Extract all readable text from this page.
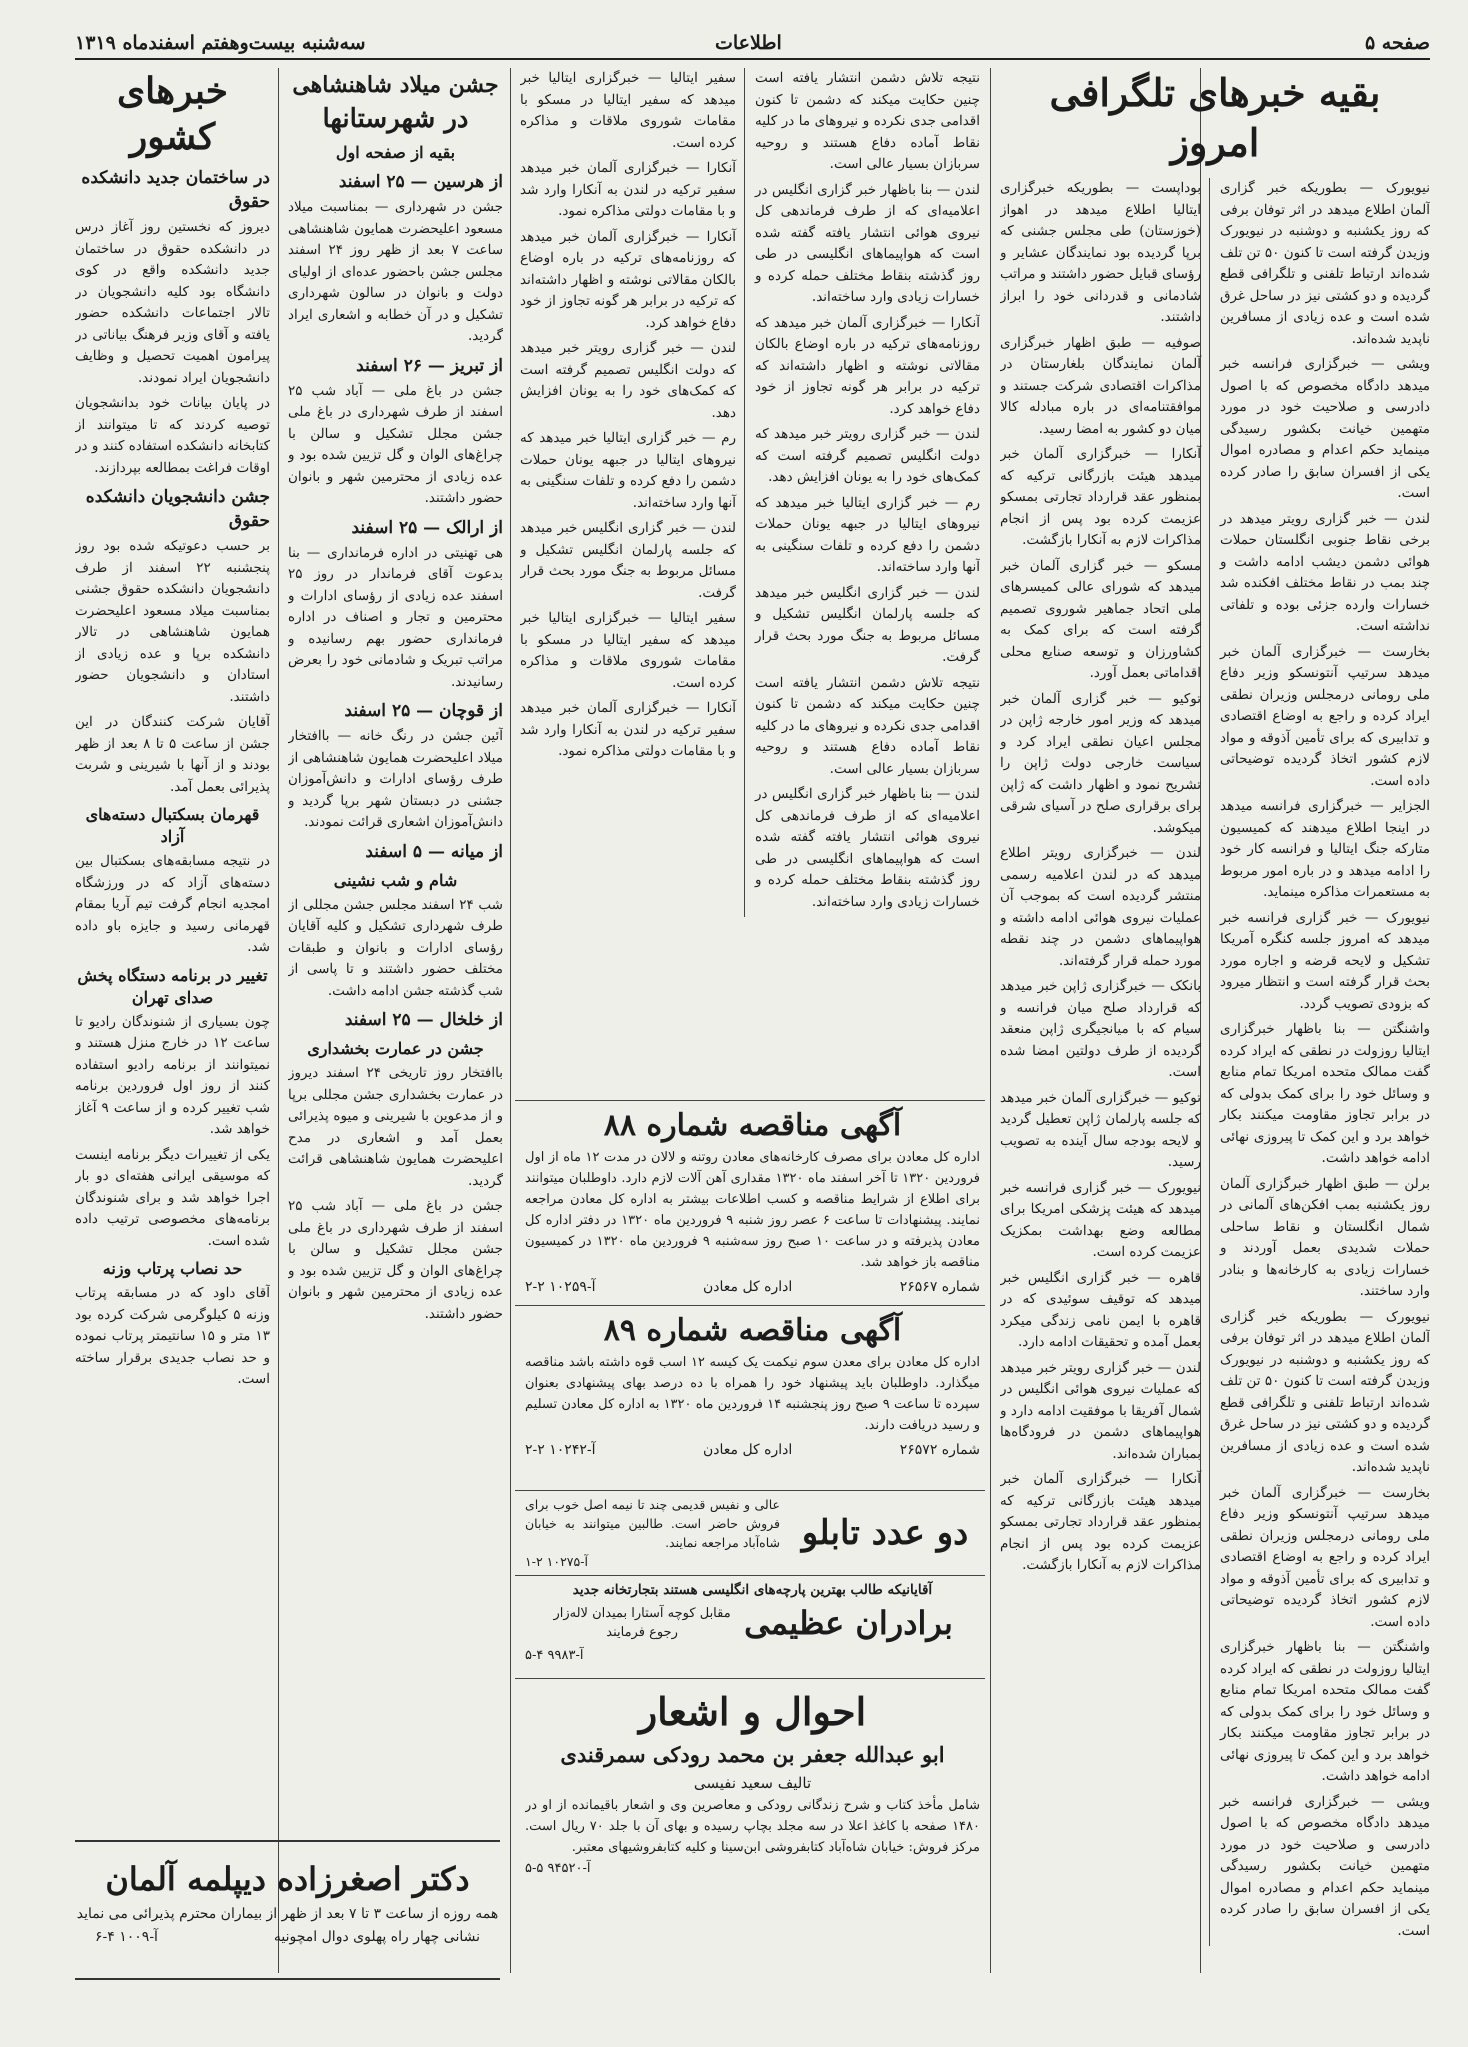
صفحه ۵
اطلاعات
سه‌شنبه بیست‌وهفتم اسفندماه ۱۳۱۹
بقیه خبرهای تلگرافی امروز

نیویورک — بطوریکه خبر گزاری آلمان اطلاع میدهد در اثر توفان برفی که روز یکشنبه و دوشنبه در نیویورک وزیدن گرفته است تا کنون ۵۰ تن تلف شده‌اند ارتباط تلفنی و تلگرافی قطع گردیده و دو کشتی نیز در ساحل غرق شده است و عده زیادی از مسافرین ناپدید شده‌اند.

ویشی — خبرگزاری فرانسه خبر میدهد دادگاه مخصوص که با اصول دادرسی و صلاحیت خود در مورد متهمین خیانت بکشور رسیدگی مینماید حکم اعدام و مصادره اموال یکی از افسران سابق را صادر کرده است.

لندن — خبر گزاری رویتر میدهد در برخی نقاط جنوبی انگلستان حملات هوائی دشمن دیشب ادامه داشت و چند بمب در نقاط مختلف افکنده شد خسارات وارده جزئی بوده و تلفاتی نداشته است.

بخارست — خبرگزاری آلمان خبر میدهد سرتیپ آنتونسکو وزیر دفاع ملی رومانی درمجلس وزیران نطقی ایراد کرده و راجع به اوضاع اقتصادی و تدابیری که برای تأمین آذوقه و مواد لازم کشور اتخاذ گردیده توضیحاتی داده است.

الجزایر — خبرگزاری فرانسه میدهد در اینجا اطلاع میدهند که کمیسیون متارکه جنگ ایتالیا و فرانسه کار خود را ادامه میدهد و در باره امور مربوط به مستعمرات مذاکره مینماید.

نیویورک — خبر گزاری فرانسه خبر میدهد که امروز جلسه کنگره آمریکا تشکیل و لایحه قرضه و اجاره مورد بحث قرار گرفته است و انتظار میرود که بزودی تصویب گردد.

واشنگتن — بنا باظهار خبرگزاری ایتالیا روزولت در نطقی که ایراد کرده گفت ممالک متحده امریکا تمام منابع و وسائل خود را برای کمک بدولی که در برابر تجاوز مقاومت میکنند بکار خواهد برد و این کمک تا پیروزی نهائی ادامه خواهد داشت.

برلن — طبق اظهار خبرگزاری آلمان روز یکشنبه بمب افکن‌های آلمانی در شمال انگلستان و نقاط ساحلی حملات شدیدی بعمل آوردند و خسارات زیادی به کارخانه‌ها و بنادر وارد ساختند.

نیویورک — بطوریکه خبر گزاری آلمان اطلاع میدهد در اثر توفان برفی که روز یکشنبه و دوشنبه در نیویورک وزیدن گرفته است تا کنون ۵۰ تن تلف شده‌اند ارتباط تلفنی و تلگرافی قطع گردیده و دو کشتی نیز در ساحل غرق شده است و عده زیادی از مسافرین ناپدید شده‌اند.

بخارست — خبرگزاری آلمان خبر میدهد سرتیپ آنتونسکو وزیر دفاع ملی رومانی درمجلس وزیران نطقی ایراد کرده و راجع به اوضاع اقتصادی و تدابیری که برای تأمین آذوقه و مواد لازم کشور اتخاذ گردیده توضیحاتی داده است.

واشنگتن — بنا باظهار خبرگزاری ایتالیا روزولت در نطقی که ایراد کرده گفت ممالک متحده امریکا تمام منابع و وسائل خود را برای کمک بدولی که در برابر تجاوز مقاومت میکنند بکار خواهد برد و این کمک تا پیروزی نهائی ادامه خواهد داشت.

ویشی — خبرگزاری فرانسه خبر میدهد دادگاه مخصوص که با اصول دادرسی و صلاحیت خود در مورد متهمین خیانت بکشور رسیدگی مینماید حکم اعدام و مصادره اموال یکی از افسران سابق را صادر کرده است.

بوداپست — بطوریکه خبرگزاری ایتالیا اطلاع میدهد در اهواز (خوزستان) طی مجلس جشنی که برپا گردیده بود نمایندگان عشایر و رؤسای قبایل حضور داشتند و مراتب شادمانی و قدردانی خود را ابراز داشتند.

صوفیه — طبق اظهار خبرگزاری آلمان نمایندگان بلغارستان در مذاکرات اقتصادی شرکت جستند و موافقتنامه‌ای در باره مبادله کالا میان دو کشور به امضا رسید.

آنکارا — خبرگزاری آلمان خبر میدهد هیئت بازرگانی ترکیه که بمنظور عقد قرارداد تجارتی بمسکو عزیمت کرده بود پس از انجام مذاکرات لازم به آنکارا بازگشت.

مسکو — خبر گزاری آلمان خبر میدهد که شورای عالی کمیسرهای ملی اتحاد جماهیر شوروی تصمیم گرفته است که برای کمک به کشاورزان و توسعه صنایع محلی اقداماتی بعمل آورد.

توکیو — خبر گزاری آلمان خبر میدهد که وزیر امور خارجه ژاپن در مجلس اعیان نطقی ایراد کرد و سیاست خارجی دولت ژاپن را تشریح نمود و اظهار داشت که ژاپن برای برقراری صلح در آسیای شرقی میکوشد.

لندن — خبرگزاری رویتر اطلاع میدهد که در لندن اعلامیه رسمی منتشر گردیده است که بموجب آن عملیات نیروی هوائی ادامه داشته و هواپیماهای دشمن در چند نقطه مورد حمله قرار گرفته‌اند.

بانکک — خبرگزاری ژاپن خبر میدهد که قرارداد صلح میان فرانسه و سیام که با میانجیگری ژاپن منعقد گردیده از طرف دولتین امضا شده است.

توکیو — خبرگزاری آلمان خبر میدهد که جلسه پارلمان ژاپن تعطیل گردید و لایحه بودجه سال آینده به تصویب رسید.

نیویورک — خبر گزاری فرانسه خبر میدهد که هیئت پزشکی امریکا برای مطالعه وضع بهداشت بمکزیک عزیمت کرده است.

قاهره — خبر گزاری انگلیس خبر میدهد که توقیف سوئیدی که در قاهره با ایمن نامی زندگی میکرد بعمل آمده و تحقیقات ادامه دارد.

لندن — خبر گزاری رویتر خبر میدهد که عملیات نیروی هوائی انگلیس در شمال آفریقا با موفقیت ادامه دارد و هواپیماهای دشمن در فرودگاه‌ها بمباران شده‌اند.

آنکارا — خبرگزاری آلمان خبر میدهد هیئت بازرگانی ترکیه که بمنظور عقد قرارداد تجارتی بمسکو عزیمت کرده بود پس از انجام مذاکرات لازم به آنکارا بازگشت.

نتیجه تلاش دشمن انتشار یافته است چنین حکایت میکند که دشمن تا کنون اقدامی جدی نکرده و نیروهای ما در کلیه نقاط آماده دفاع هستند و روحیه سربازان بسیار عالی است.

لندن — بنا باظهار خبر گزاری انگلیس در اعلامیه‌ای که از طرف فرماندهی کل نیروی هوائی انتشار یافته گفته شده است که هواپیماهای انگلیسی در طی روز گذشته بنقاط مختلف حمله کرده و خسارات زیادی وارد ساخته‌اند.

آنکارا — خبرگزاری آلمان خبر میدهد که روزنامه‌های ترکیه در باره اوضاع بالکان مقالاتی نوشته و اظهار داشته‌اند که ترکیه در برابر هر گونه تجاوز از خود دفاع خواهد کرد.

لندن — خبر گزاری رویتر خبر میدهد که دولت انگلیس تصمیم گرفته است که کمک‌های خود را به یونان افزایش دهد.

رم — خبر گزاری ایتالیا خبر میدهد که نیروهای ایتالیا در جبهه یونان حملات دشمن را دفع کرده و تلفات سنگینی به آنها وارد ساخته‌اند.

لندن — خبر گزاری انگلیس خبر میدهد که جلسه پارلمان انگلیس تشکیل و مسائل مربوط به جنگ مورد بحث قرار گرفت.

نتیجه تلاش دشمن انتشار یافته است چنین حکایت میکند که دشمن تا کنون اقدامی جدی نکرده و نیروهای ما در کلیه نقاط آماده دفاع هستند و روحیه سربازان بسیار عالی است.

لندن — بنا باظهار خبر گزاری انگلیس در اعلامیه‌ای که از طرف فرماندهی کل نیروی هوائی انتشار یافته گفته شده است که هواپیماهای انگلیسی در طی روز گذشته بنقاط مختلف حمله کرده و خسارات زیادی وارد ساخته‌اند.

سفیر ایتالیا — خبرگزاری ایتالیا خبر میدهد که سفیر ایتالیا در مسکو با مقامات شوروی ملاقات و مذاکره کرده است.

آنکارا — خبرگزاری آلمان خبر میدهد سفیر ترکیه در لندن به آنکارا وارد شد و با مقامات دولتی مذاکره نمود.

آنکارا — خبرگزاری آلمان خبر میدهد که روزنامه‌های ترکیه در باره اوضاع بالکان مقالاتی نوشته و اظهار داشته‌اند که ترکیه در برابر هر گونه تجاوز از خود دفاع خواهد کرد.

لندن — خبر گزاری رویتر خبر میدهد که دولت انگلیس تصمیم گرفته است که کمک‌های خود را به یونان افزایش دهد.

رم — خبر گزاری ایتالیا خبر میدهد که نیروهای ایتالیا در جبهه یونان حملات دشمن را دفع کرده و تلفات سنگینی به آنها وارد ساخته‌اند.

لندن — خبر گزاری انگلیس خبر میدهد که جلسه پارلمان انگلیس تشکیل و مسائل مربوط به جنگ مورد بحث قرار گرفت.

سفیر ایتالیا — خبرگزاری ایتالیا خبر میدهد که سفیر ایتالیا در مسکو با مقامات شوروی ملاقات و مذاکره کرده است.

آنکارا — خبرگزاری آلمان خبر میدهد سفیر ترکیه در لندن به آنکارا وارد شد و با مقامات دولتی مذاکره نمود.

آگهی مناقصه شماره ۸۸

اداره کل معادن برای مصرف کارخانه‌های معادن روتنه و لالان در مدت ۱۲ ماه از اول فروردین ۱۳۲۰ تا آخر اسفند ماه ۱۳۲۰ مقداری آهن آلات لازم دارد. داوطلبان میتوانند برای اطلاع از شرایط مناقصه و کسب اطلاعات بیشتر به اداره کل معادن مراجعه نمایند. پیشنهادات تا ساعت ۶ عصر روز شنبه ۹ فروردین ماه ۱۳۲۰ در دفتر اداره کل معادن پذیرفته و در ساعت ۱۰ صبح روز سه‌شنبه ۹ فروردین ماه ۱۳۲۰ در کمیسیون مناقصه باز خواهد شد.

شماره ۲۶۵۶۷
اداره کل معادن
آ-۱۰۲۵۹ ۲-۲
آگهی مناقصه شماره ۸۹

اداره کل معادن برای معدن سوم نیکمت یک کیسه ۱۲ اسب قوه داشته باشد مناقصه میگذارد. داوطلبان باید پیشنهاد خود را همراه با ده درصد بهای پیشنهادی بعنوان سپرده تا ساعت ۹ صبح روز پنجشنبه ۱۴ فروردین ماه ۱۳۲۰ به اداره کل معادن تسلیم و رسید دریافت دارند.

شماره ۲۶۵۷۲
اداره کل معادن
آ-۱۰۲۴۲ ۲-۲
دو عدد تابلو

عالی و نفیس قدیمی چند تا نیمه اصل خوب برای فروش حاضر است. طالبین میتوانند به خیابان شاه‌آباد مراجعه نمایند.

آ-۱۰۲۷۵ ۲-۱

آقایانیکه طالب بهترین پارچه‌های انگلیسی هستند بتجارتخانه جدید

برادران عظیمی
مقابل کوچه آستارا بمیدان لاله‌زار رجوع فرمایند

آ-۹۹۸۳ ۴-۵

احوال و اشعار
ابو عبدالله جعفر بن محمد رودکی سمرقندی
تالیف سعید نفیسی

شامل مأخذ کتاب و شرح زندگانی رودکی و معاصرین وی و اشعار باقیمانده از او در ۱۴۸۰ صفحه با کاغذ اعلا در سه مجلد بچاپ رسیده و بهای آن با جلد ۷۰ ریال است. مرکز فروش: خیابان شاه‌آباد کتابفروشی ابن‌سینا و کلیه کتابفروشیهای معتبر.

آ-۹۴۵۲۰ ۵-۵

جشن میلاد شاهنشاهی
در شهرستانها
بقیه از صفحه اول
از هرسین — ۲۵ اسفند

جشن در شهرداری — بمناسبت میلاد مسعود اعلیحضرت همایون شاهنشاهی ساعت ۷ بعد از ظهر روز ۲۴ اسفند مجلس جشن باحضور عده‌ای از اولیای دولت و بانوان در سالون شهرداری تشکیل و در آن خطابه و اشعاری ایراد گردید.

از تبریز — ۲۶ اسفند

جشن در باغ ملی — آباد شب ۲۵ اسفند از طرف شهرداری در باغ ملی جشن مجلل تشکیل و سالن با چراغ‌های الوان و گل تزیین شده بود و عده زیادی از محترمین شهر و بانوان حضور داشتند.

از ارالک — ۲۵ اسفند

هی تهنیتی در اداره فرمانداری — بنا بدعوت آقای فرماندار در روز ۲۵ اسفند عده زیادی از رؤسای ادارات و محترمین و تجار و اصناف در اداره فرمانداری حضور بهم رسانیده و مراتب تبریک و شادمانی خود را بعرض رسانیدند.

از قوچان — ۲۵ اسفند

آئین جشن در رنگ خانه — باافتخار میلاد اعلیحضرت همایون شاهنشاهی از طرف رؤسای ادارات و دانش‌آموزان جشنی در دبستان شهر برپا گردید و دانش‌آموزان اشعاری قرائت نمودند.

از میانه — ۵ اسفند
شام و شب نشینی

شب ۲۴ اسفند مجلس جشن مجللی از طرف شهرداری تشکیل و کلیه آقایان رؤسای ادارات و بانوان و طبقات مختلف حضور داشتند و تا پاسی از شب گذشته جشن ادامه داشت.

از خلخال — ۲۵ اسفند
جشن در عمارت بخشداری

باافتخار روز تاریخی ۲۴ اسفند دیروز در عمارت بخشداری جشن مجللی برپا و از مدعوین با شیرینی و میوه پذیرائی بعمل آمد و اشعاری در مدح اعلیحضرت همایون شاهنشاهی قرائت گردید.

جشن در باغ ملی — آباد شب ۲۵ اسفند از طرف شهرداری در باغ ملی جشن مجلل تشکیل و سالن با چراغ‌های الوان و گل تزیین شده بود و عده زیادی از محترمین شهر و بانوان حضور داشتند.

خبرهای کشور
در ساختمان جدید دانشکده حقوق

دیروز که نخستین روز آغاز درس در دانشکده حقوق در ساختمان جدید دانشکده واقع در کوی دانشگاه بود کلیه دانشجویان در تالار اجتماعات دانشکده حضور یافته و آقای وزیر فرهنگ بیاناتی در پیرامون اهمیت تحصیل و وظایف دانشجویان ایراد نمودند.

در پایان بیانات خود بدانشجویان توصیه کردند که تا میتوانند از کتابخانه دانشکده استفاده کنند و در اوقات فراغت بمطالعه بپردازند.

جشن دانشجویان دانشکده حقوق

بر حسب دعوتیکه شده بود روز پنجشنبه ۲۲ اسفند از طرف دانشجویان دانشکده حقوق جشنی بمناسبت میلاد مسعود اعلیحضرت همایون شاهنشاهی در تالار دانشکده برپا و عده زیادی از استادان و دانشجویان حضور داشتند.

آقایان شرکت کنندگان در این جشن از ساعت ۵ تا ۸ بعد از ظهر بودند و از آنها با شیرینی و شربت پذیرائی بعمل آمد.

قهرمان بسکتبال دسته‌های آزاد

در نتیجه مسابقه‌های بسکتبال بین دسته‌های آزاد که در ورزشگاه امجدیه انجام گرفت تیم آریا بمقام قهرمانی رسید و جایزه باو داده شد.

تغییر در برنامه دستگاه پخش صدای تهران

چون بسیاری از شنوندگان رادیو تا ساعت ۱۲ در خارج منزل هستند و نمیتوانند از برنامه رادیو استفاده کنند از روز اول فروردین برنامه شب تغییر کرده و از ساعت ۹ آغاز خواهد شد.

یکی از تغییرات دیگر برنامه اینست که موسیقی ایرانی هفته‌ای دو بار اجرا خواهد شد و برای شنوندگان برنامه‌های مخصوصی ترتیب داده شده است.

حد نصاب پرتاب وزنه

آقای داود که در مسابقه پرتاب وزنه ۵ کیلوگرمی شرکت کرده بود ۱۳ متر و ۱۵ سانتیمتر پرتاب نموده و حد نصاب جدیدی برقرار ساخته است.

دکتر اصغرزاده دیپلمه آلمان
همه روزه از ساعت ۳ تا ۷ بعد از ظهر از بیماران محترم پذیرائی می نماید
نشانی چهار راه پهلوی دوال امچونیه
آ-۱۰۰۹ ۴-۶
